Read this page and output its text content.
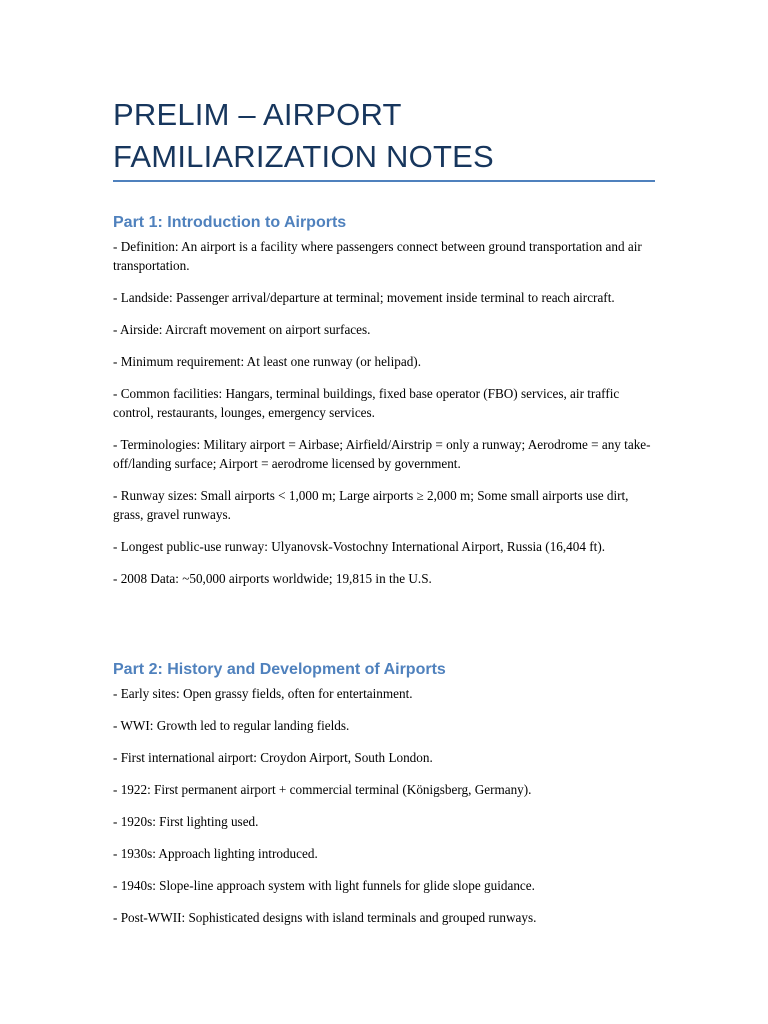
PRELIM – AIRPORT FAMILIARIZATION NOTES
Part 1: Introduction to Airports

- Definition: An airport is a facility where passengers connect between ground transportation and air transportation.

- Landside: Passenger arrival/departure at terminal; movement inside terminal to reach aircraft.

- Airside: Aircraft movement on airport surfaces.

- Minimum requirement: At least one runway (or helipad).

- Common facilities: Hangars, terminal buildings, fixed base operator (FBO) services, air traffic control, restaurants, lounges, emergency services.

- Terminologies: Military airport = Airbase; Airfield/Airstrip = only a runway; Aerodrome = any take-off/landing surface; Airport = aerodrome licensed by government.

- Runway sizes: Small airports < 1,000 m; Large airports ≥ 2,000 m; Some small airports use dirt, grass, gravel runways.

- Longest public-use runway: Ulyanovsk-Vostochny International Airport, Russia (16,404 ft).

- 2008 Data: ~50,000 airports worldwide; 19,815 in the U.S.

Part 2: History and Development of Airports

- Early sites: Open grassy fields, often for entertainment.

- WWI: Growth led to regular landing fields.

- First international airport: Croydon Airport, South London.

- 1922: First permanent airport + commercial terminal (Königsberg, Germany).

- 1920s: First lighting used.

- 1930s: Approach lighting introduced.

- 1940s: Slope-line approach system with light funnels for glide slope guidance.

- Post-WWII: Sophisticated designs with island terminals and grouped runways.
